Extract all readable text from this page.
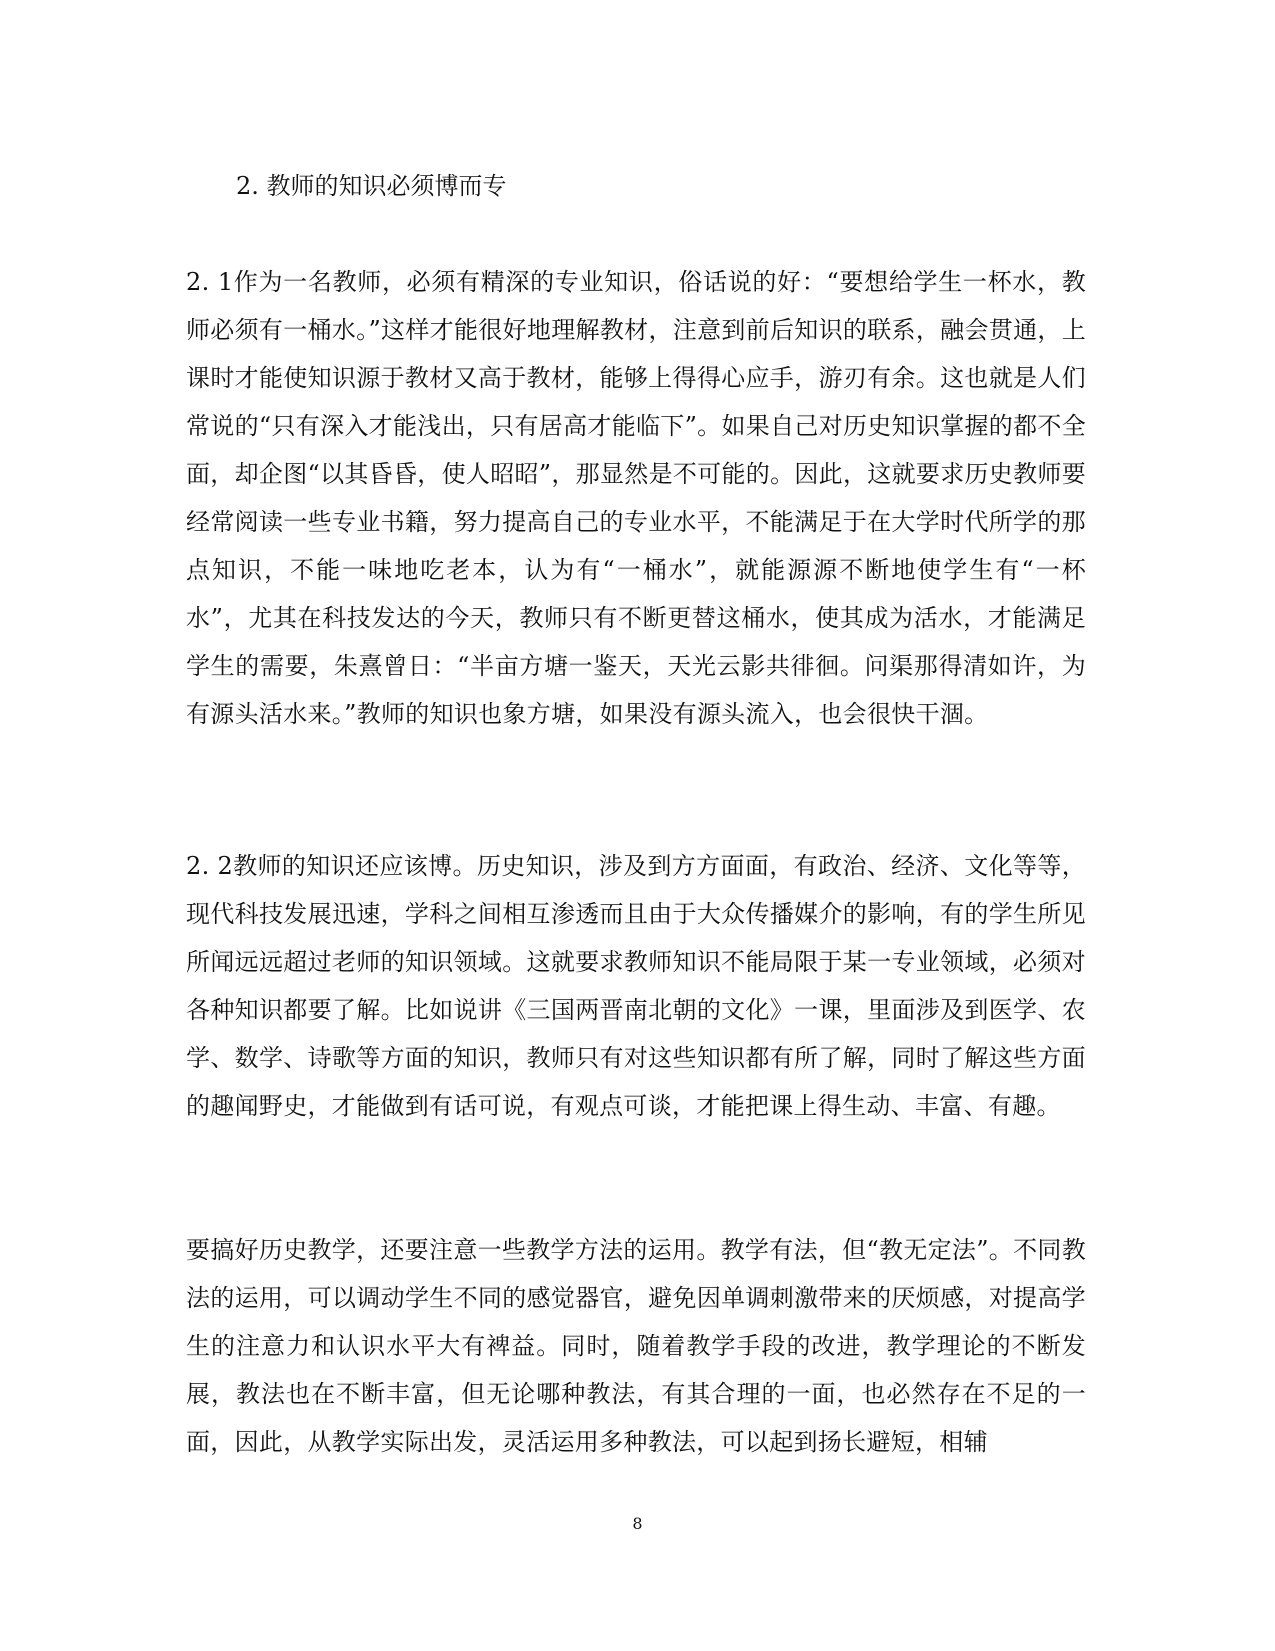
2. 教师的知识必须博而专

2. 1作为一名教师，必须有精深的专业知识，俗话说的好：“要想给学生一杯水，教师必须有一桶水。”这样才能很好地理解教材，注意到前后知识的联系，融会贯通，上课时才能使知识源于教材又高于教材，能够上得得心应手，游刃有余。这也就是人们常说的“只有深入才能浅出，只有居高才能临下”。如果自己对历史知识掌握的都不全面，却企图“以其昏昏，使人昭昭”，那显然是不可能的。因此，这就要求历史教师要经常阅读一些专业书籍，努力提高自己的专业水平，不能满足于在大学时代所学的那点知识，不能一味地吃老本，认为有“一桶水”，就能源源不断地使学生有“一杯水”，尤其在科技发达的今天，教师只有不断更替这桶水，使其成为活水，才能满足学生的需要，朱熹曾日：“半亩方塘一鉴天，天光云影共徘徊。问渠那得清如许，为有源头活水来。”教师的知识也象方塘，如果没有源头流入，也会很快干涸。

2. 2教师的知识还应该博。历史知识，涉及到方方面面，有政治、经济、文化等等，现代科技发展迅速，学科之间相互渗透而且由于大众传播媒介的影响，有的学生所见所闻远远超过老师的知识领域。这就要求教师知识不能局限于某一专业领域，必须对各种知识都要了解。比如说讲《三国两晋南北朝的文化》一课，里面涉及到医学、农学、数学、诗歌等方面的知识，教师只有对这些知识都有所了解，同时了解这些方面的趣闻野史，才能做到有话可说，有观点可谈，才能把课上得生动、丰富、有趣。

要搞好历史教学，还要注意一些教学方法的运用。教学有法，但“教无定法”。不同教法的运用，可以调动学生不同的感觉器官，避免因单调刺激带来的厌烦感，对提高学生的注意力和认识水平大有裨益。同时，随着教学手段的改进，教学理论的不断发展，教法也在不断丰富，但无论哪种教法，有其合理的一面，也必然存在不足的一面，因此，从教学实际出发，灵活运用多种教法，可以起到扬长避短，相辅

8
